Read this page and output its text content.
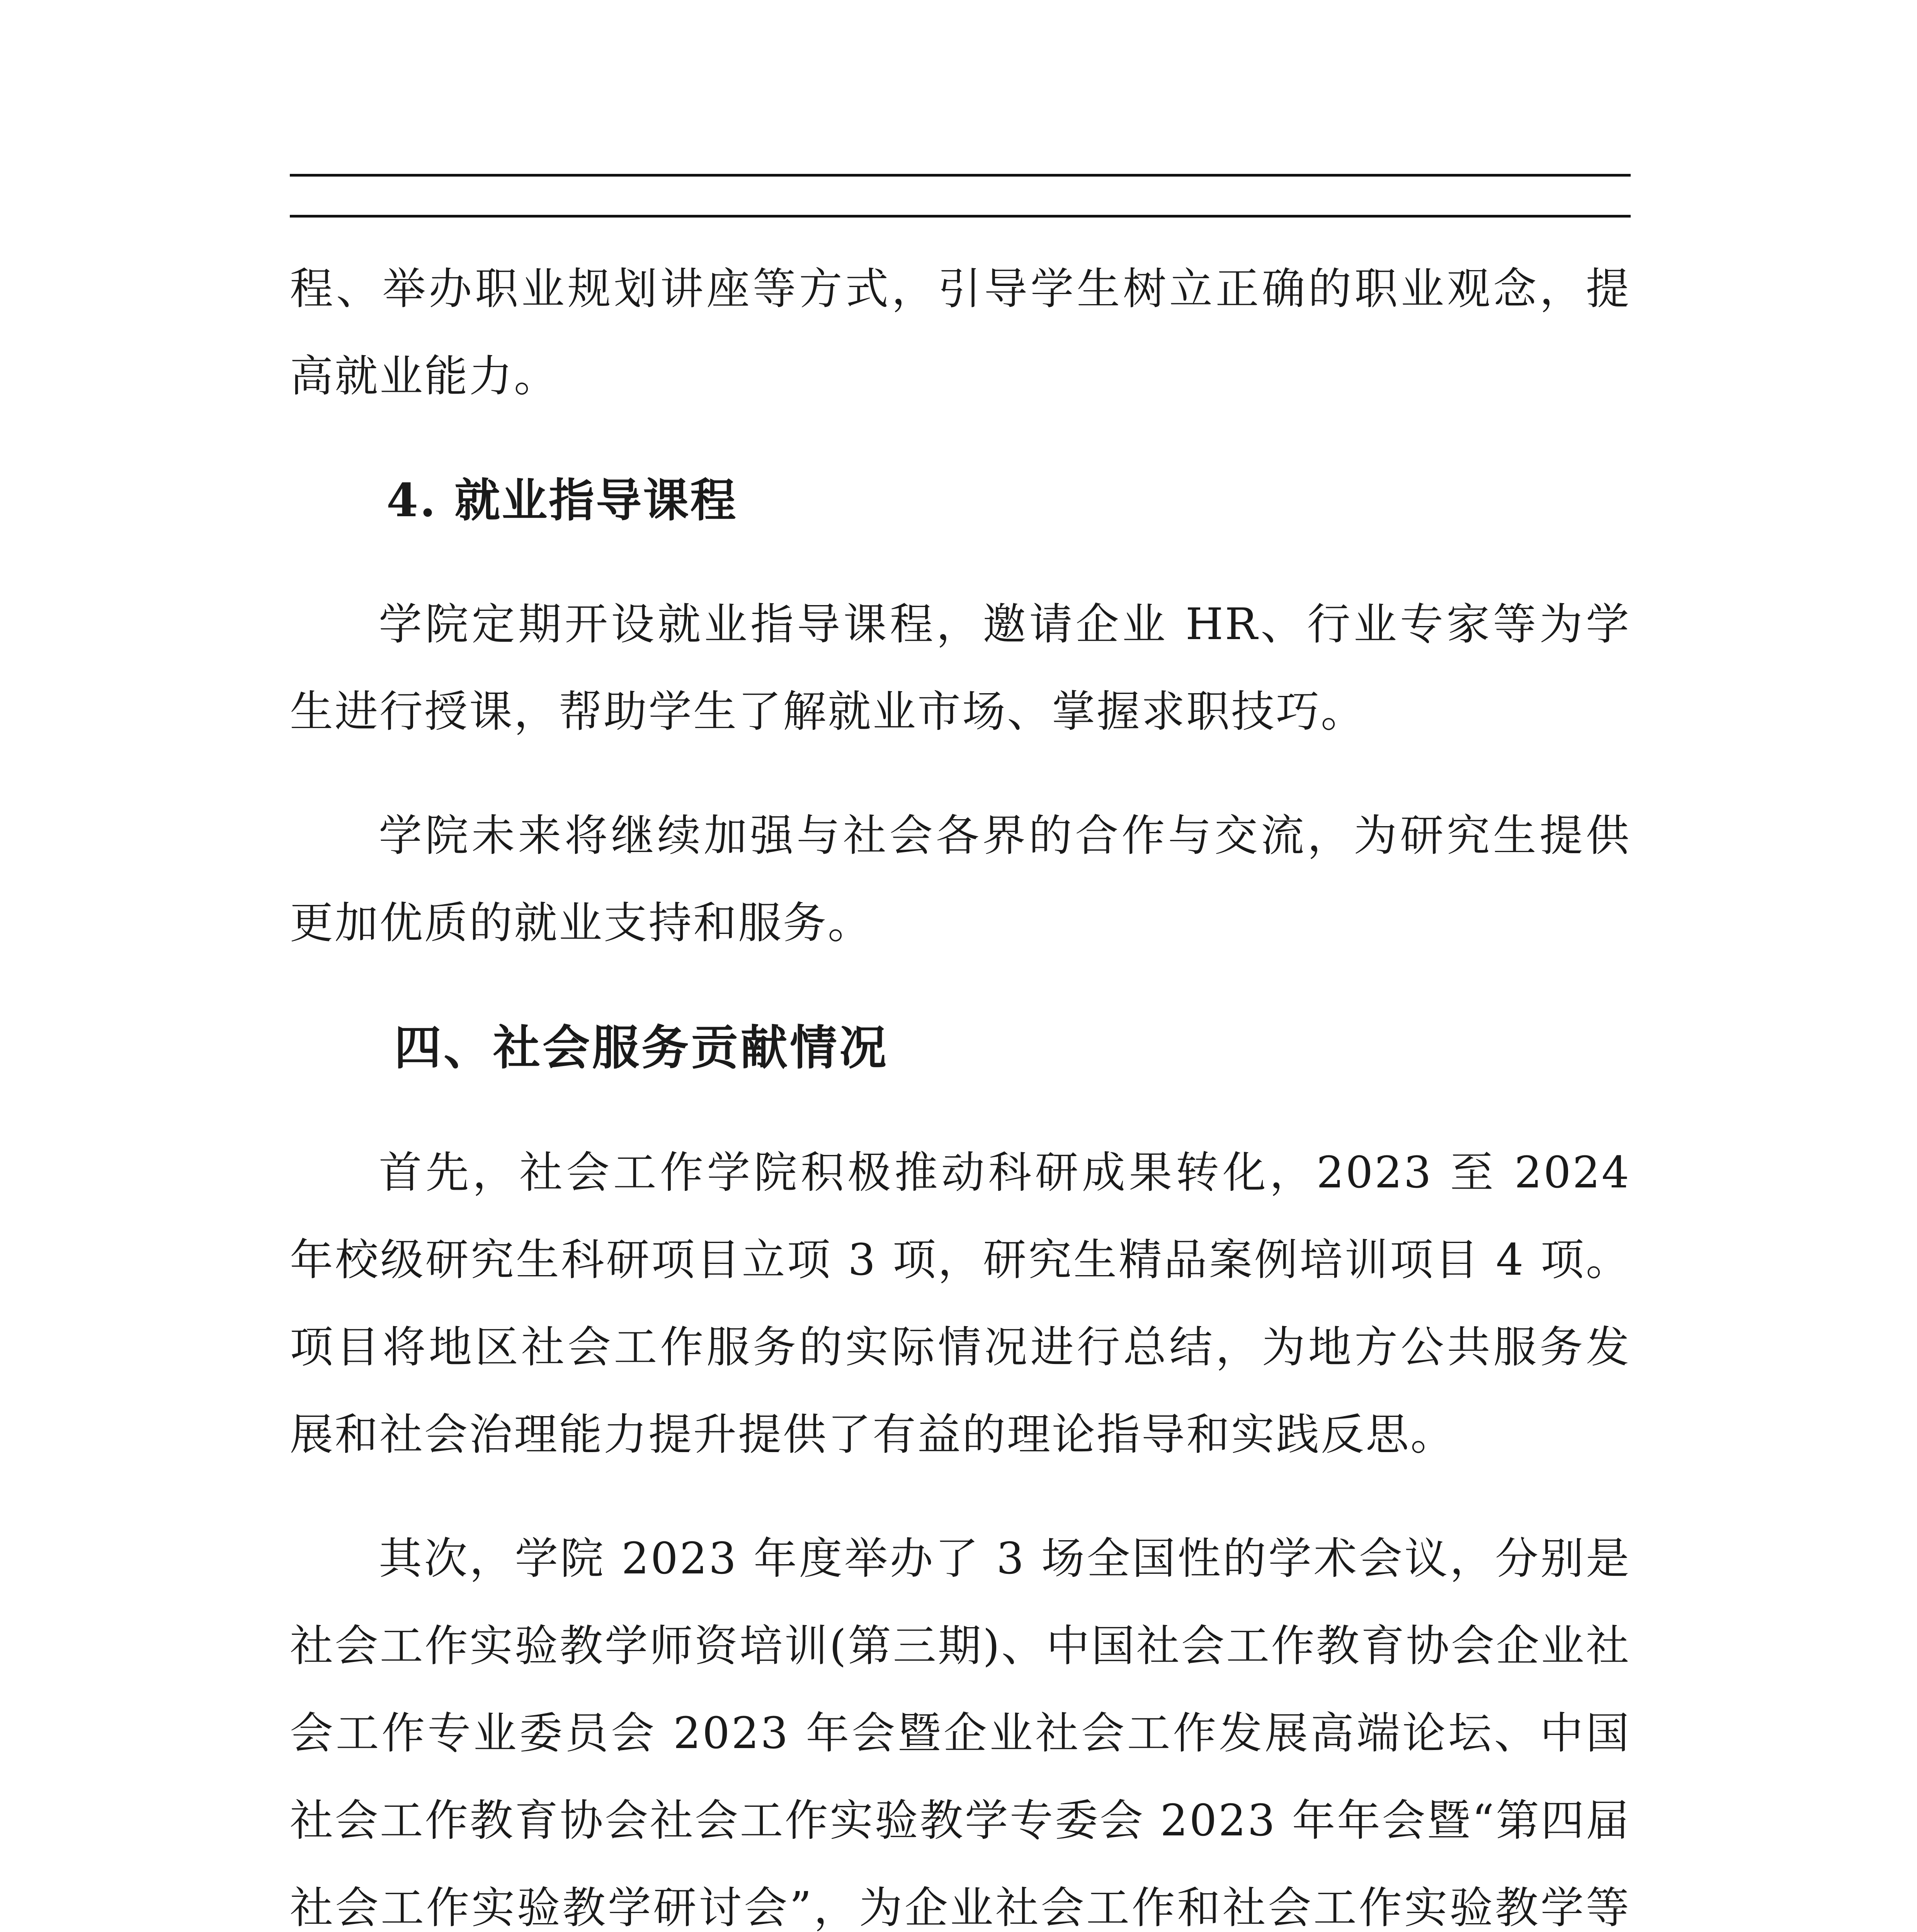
程、举办职业规划讲座等方式，引导学生树立正确的职业观念，提高就业能力。

4. 就业指导课程

学院定期开设就业指导课程，邀请企业 HR、行业专家等为学生进行授课，帮助学生了解就业市场、掌握求职技巧。

学院未来将继续加强与社会各界的合作与交流，为研究生提供更加优质的就业支持和服务。

四、社会服务贡献情况

首先，社会工作学院积极推动科研成果转化，2023 至 2024 年校级研究生科研项目立项 3 项，研究生精品案例培训项目 4 项。项目将地区社会工作服务的实际情况进行总结，为地方公共服务发展和社会治理能力提升提供了有益的理论指导和实践反思。

其次，学院 2023 年度举办了 3 场全国性的学术会议，分别是社会工作实验教学师资培训(第三期)、中国社会工作教育协会企业社会工作专业委员会 2023 年会暨企业社会工作发展高端论坛、中国社会工作教育协会社会工作实验教学专委会 2023 年年会暨“第四届社会工作实验教学研讨会”，为企业社会工作和社会工作实验教学等
